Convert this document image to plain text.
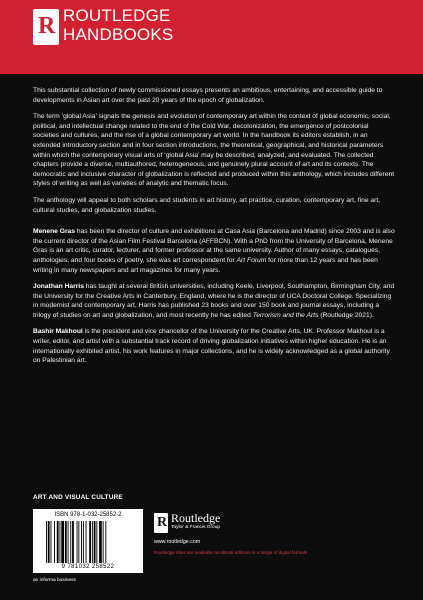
R ROUTLEDGE
HANDBOOKS

This substantial collection of newly commissioned essays presents an ambitious, entertaining, and accessible guide to developments in Asian art over the past 20 years of the epoch of globalization.

The term ‘global Asia’ signals the genesis and evolution of contemporary art within the context of global economic, social, political, and intellectual change related to the end of the Cold War, decolonization, the emergence of postcolonial societies and cultures, and the rise of a global contemporary art world. In the handbook its editors establish, in an extended introductory section and in four section introductions, the theoretical, geographical, and historical parameters within which the contemporary visual arts of ‘global Asia’ may be described, analyzed, and evaluated. The collected chapters provide a diverse, multiauthored, heterogeneous, and genuinely plural account of art and its contexts. The democratic and inclusive character of globalization is reflected and produced within this anthology, which includes different styles of writing as well as varieties of analytic and thematic focus.

The anthology will appeal to both scholars and students in art history, art practice, curation, contemporary art, fine art, cultural studies, and globalization studies.

Menene Gras has been the director of culture and exhibitions at Casa Asia (Barcelona and Madrid) since 2003 and is also the current director of the Asian Film Festival Barcelona (AFFBCN). With a PhD from the University of Barcelona, Menene Gras is an art critic, curator, lecturer, and former professor at the same university. Author of many essays, catalogues, anthologies, and four books of poetry, she was art correspondent for Art Forum for more than 12 years and has been writing in many newspapers and art magazines for many years.

Jonathan Harris has taught at several British universities, including Keele, Liverpool, Southampton, Birmingham City, and the University for the Creative Arts in Canterbury, England, where he is the director of UCA Doctoral College. Specializing in modernist and contemporary art, Harris has published 23 books and over 150 book and journal essays, including a trilogy of studies on art and globalization, and most recently he has edited Terrorism and the Arts (Routledge 2021).

Bashir Makhoul is the president and vice chancellor of the University for the Creative Arts, UK. Professor Makhoul is a writer, editor, and artist with a substantial track record of driving globalization initiatives within higher education. He is an internationally exhibited artist, his work features in major collections, and he is widely acknowledged as a global authority on Palestinian art.

ART AND VISUAL CULTURE
ISBN 978-1-032-25852-2
9 781032 258522
an informa business
R Routledge
Taylor & Francis Group
www.routledge.com
Routledge titles are available as eBook editions in a range of digital formats
